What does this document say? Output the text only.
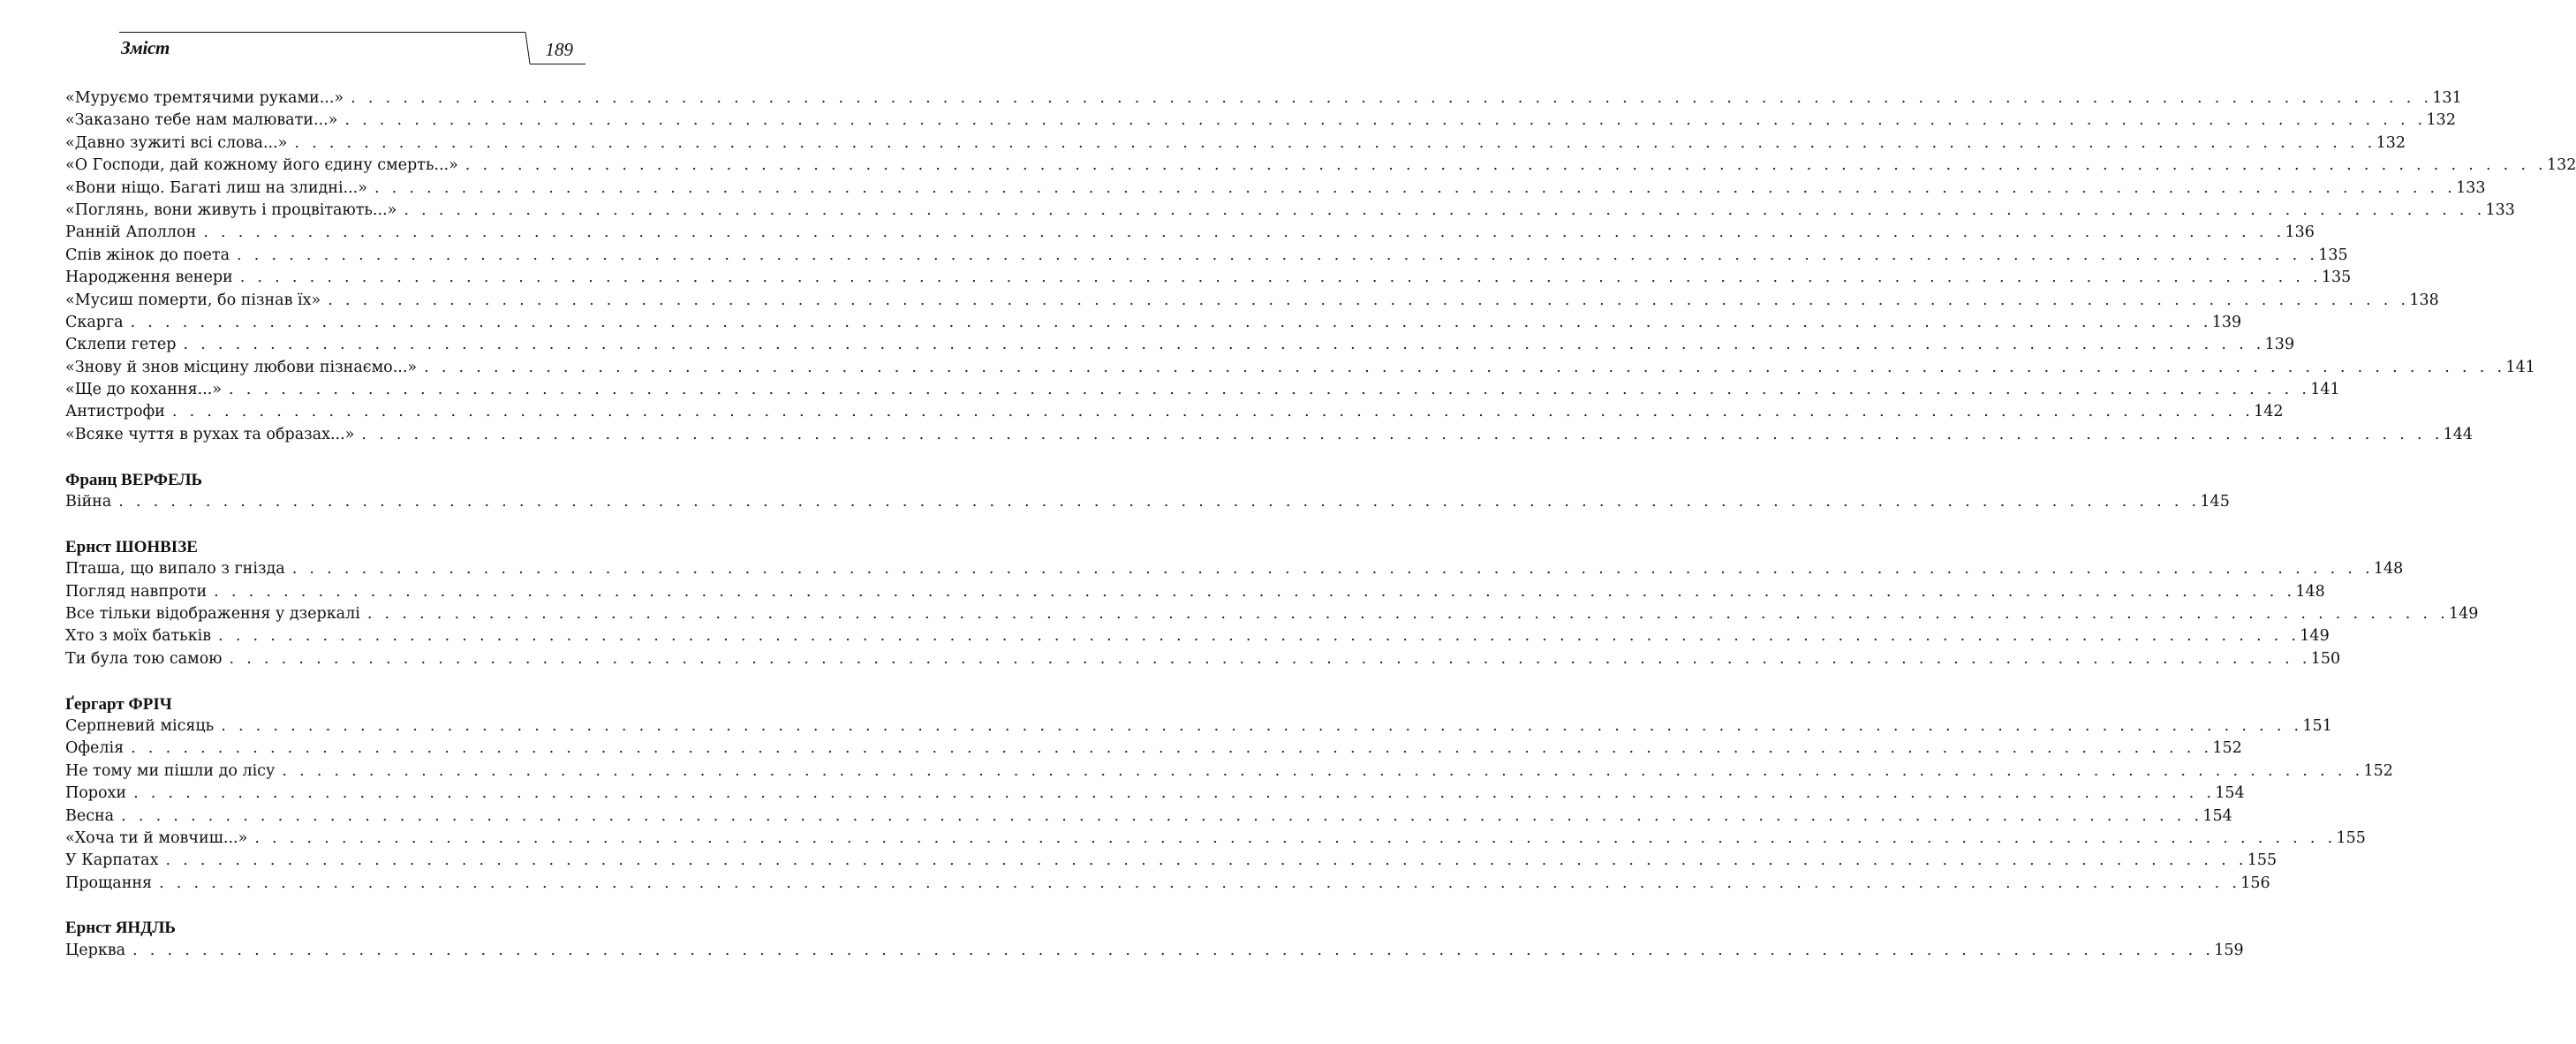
Зміст	189
«Муруємо тремтячими руками...» . . . . . . . . . . . . . . . . . . . . . . . . . . . . . . . . . . . . . . . . . . . . . . . . . . . . . . . . . . . . . . . . . . . . . . . . . . . . . . . . . . . . . . . . . . . . . . . . . . . . . . . . . . . . . . . . . . . . . . . . 131
«Заказано тебе нам малювати...» . . . . . . . . . . . . . . . . . . . . . . . . . . . . . . . . . . . . . . . . . . . . . . . . . . . . . . . . . . . . . . . . . . . . . . . . . . . . . . . . . . . . . . . . . . . . . . . . . . . . . . . . . . . . . . . . . . . . . . . . 132
«Давно зужиті всі слова...» . . . . . . . . . . . . . . . . . . . . . . . . . . . . . . . . . . . . . . . . . . . . . . . . . . . . . . . . . . . . . . . . . . . . . . . . . . . . . . . . . . . . . . . . . . . . . . . . . . . . . . . . . . . . . . . . . . . . . . . . 132
«О Господи, дай кожному його єдину смерть...» . . . . . . . . . . . . . . . . . . . . . . . . . . . . . . . . . . . . . . . . . . . . . . . . . . . . . . . . . . . . . . . . . . . . . . . . . . . . . . . . . . . . . . . . . . . . . . . . . . . . . . . . . . . . . . . . . . . . . . . . 132
«Вони ніщо. Багаті лиш на злидні...» . . . . . . . . . . . . . . . . . . . . . . . . . . . . . . . . . . . . . . . . . . . . . . . . . . . . . . . . . . . . . . . . . . . . . . . . . . . . . . . . . . . . . . . . . . . . . . . . . . . . . . . . . . . . . . . . . . . . . . . . 133
«Поглянь, вони живуть і процвітають...» . . . . . . . . . . . . . . . . . . . . . . . . . . . . . . . . . . . . . . . . . . . . . . . . . . . . . . . . . . . . . . . . . . . . . . . . . . . . . . . . . . . . . . . . . . . . . . . . . . . . . . . . . . . . . . . . . . . . . . . . 133
Ранній Аполлон . . . . . . . . . . . . . . . . . . . . . . . . . . . . . . . . . . . . . . . . . . . . . . . . . . . . . . . . . . . . . . . . . . . . . . . . . . . . . . . . . . . . . . . . . . . . . . . . . . . . . . . . . . . . . . . . . . . . . . . . 136
Спів жінок до поета . . . . . . . . . . . . . . . . . . . . . . . . . . . . . . . . . . . . . . . . . . . . . . . . . . . . . . . . . . . . . . . . . . . . . . . . . . . . . . . . . . . . . . . . . . . . . . . . . . . . . . . . . . . . . . . . . . . . . . . . 135
Народження венери . . . . . . . . . . . . . . . . . . . . . . . . . . . . . . . . . . . . . . . . . . . . . . . . . . . . . . . . . . . . . . . . . . . . . . . . . . . . . . . . . . . . . . . . . . . . . . . . . . . . . . . . . . . . . . . . . . . . . . . . 135
«Мусиш померти, бо пізнав їх» . . . . . . . . . . . . . . . . . . . . . . . . . . . . . . . . . . . . . . . . . . . . . . . . . . . . . . . . . . . . . . . . . . . . . . . . . . . . . . . . . . . . . . . . . . . . . . . . . . . . . . . . . . . . . . . . . . . . . . . . 138
Скарга . . . . . . . . . . . . . . . . . . . . . . . . . . . . . . . . . . . . . . . . . . . . . . . . . . . . . . . . . . . . . . . . . . . . . . . . . . . . . . . . . . . . . . . . . . . . . . . . . . . . . . . . . . . . . . . . . . . . . . . . 139
Склепи гетер . . . . . . . . . . . . . . . . . . . . . . . . . . . . . . . . . . . . . . . . . . . . . . . . . . . . . . . . . . . . . . . . . . . . . . . . . . . . . . . . . . . . . . . . . . . . . . . . . . . . . . . . . . . . . . . . . . . . . . . . 139
«Знову й знов місцину любови пізнаємо...» . . . . . . . . . . . . . . . . . . . . . . . . . . . . . . . . . . . . . . . . . . . . . . . . . . . . . . . . . . . . . . . . . . . . . . . . . . . . . . . . . . . . . . . . . . . . . . . . . . . . . . . . . . . . . . . . . . . . . . . . 141
«Ще до кохання...» . . . . . . . . . . . . . . . . . . . . . . . . . . . . . . . . . . . . . . . . . . . . . . . . . . . . . . . . . . . . . . . . . . . . . . . . . . . . . . . . . . . . . . . . . . . . . . . . . . . . . . . . . . . . . . . . . . . . . . . . 141
Антистрофи . . . . . . . . . . . . . . . . . . . . . . . . . . . . . . . . . . . . . . . . . . . . . . . . . . . . . . . . . . . . . . . . . . . . . . . . . . . . . . . . . . . . . . . . . . . . . . . . . . . . . . . . . . . . . . . . . . . . . . . . 142
«Всяке чуття в рухах та образах...» . . . . . . . . . . . . . . . . . . . . . . . . . . . . . . . . . . . . . . . . . . . . . . . . . . . . . . . . . . . . . . . . . . . . . . . . . . . . . . . . . . . . . . . . . . . . . . . . . . . . . . . . . . . . . . . . . . . . . . . . 144
Франц ВЕРФЕЛЬ
Війна . . . . . . . . . . . . . . . . . . . . . . . . . . . . . . . . . . . . . . . . . . . . . . . . . . . . . . . . . . . . . . . . . . . . . . . . . . . . . . . . . . . . . . . . . . . . . . . . . . . . . . . . . . . . . . . . . . . . . . . . 145
Ернст ШОНВІЗЕ
Пташа, що випало з гнізда . . . . . . . . . . . . . . . . . . . . . . . . . . . . . . . . . . . . . . . . . . . . . . . . . . . . . . . . . . . . . . . . . . . . . . . . . . . . . . . . . . . . . . . . . . . . . . . . . . . . . . . . . . . . . . . . . . . . . . . . 148
Погляд навпроти . . . . . . . . . . . . . . . . . . . . . . . . . . . . . . . . . . . . . . . . . . . . . . . . . . . . . . . . . . . . . . . . . . . . . . . . . . . . . . . . . . . . . . . . . . . . . . . . . . . . . . . . . . . . . . . . . . . . . . . . 148
Все тільки відображення у дзеркалі . . . . . . . . . . . . . . . . . . . . . . . . . . . . . . . . . . . . . . . . . . . . . . . . . . . . . . . . . . . . . . . . . . . . . . . . . . . . . . . . . . . . . . . . . . . . . . . . . . . . . . . . . . . . . . . . . . . . . . . . 149
Хто з моїх батьків . . . . . . . . . . . . . . . . . . . . . . . . . . . . . . . . . . . . . . . . . . . . . . . . . . . . . . . . . . . . . . . . . . . . . . . . . . . . . . . . . . . . . . . . . . . . . . . . . . . . . . . . . . . . . . . . . . . . . . . . 149
Ти була тою самою . . . . . . . . . . . . . . . . . . . . . . . . . . . . . . . . . . . . . . . . . . . . . . . . . . . . . . . . . . . . . . . . . . . . . . . . . . . . . . . . . . . . . . . . . . . . . . . . . . . . . . . . . . . . . . . . . . . . . . . . 150
Ґергарт ФРІЧ
Серпневий місяць . . . . . . . . . . . . . . . . . . . . . . . . . . . . . . . . . . . . . . . . . . . . . . . . . . . . . . . . . . . . . . . . . . . . . . . . . . . . . . . . . . . . . . . . . . . . . . . . . . . . . . . . . . . . . . . . . . . . . . . . 151
Офелія . . . . . . . . . . . . . . . . . . . . . . . . . . . . . . . . . . . . . . . . . . . . . . . . . . . . . . . . . . . . . . . . . . . . . . . . . . . . . . . . . . . . . . . . . . . . . . . . . . . . . . . . . . . . . . . . . . . . . . . . 152
Не тому ми пішли до лісу . . . . . . . . . . . . . . . . . . . . . . . . . . . . . . . . . . . . . . . . . . . . . . . . . . . . . . . . . . . . . . . . . . . . . . . . . . . . . . . . . . . . . . . . . . . . . . . . . . . . . . . . . . . . . . . . . . . . . . . . 152
Порохи . . . . . . . . . . . . . . . . . . . . . . . . . . . . . . . . . . . . . . . . . . . . . . . . . . . . . . . . . . . . . . . . . . . . . . . . . . . . . . . . . . . . . . . . . . . . . . . . . . . . . . . . . . . . . . . . . . . . . . . . 154
Весна . . . . . . . . . . . . . . . . . . . . . . . . . . . . . . . . . . . . . . . . . . . . . . . . . . . . . . . . . . . . . . . . . . . . . . . . . . . . . . . . . . . . . . . . . . . . . . . . . . . . . . . . . . . . . . . . . . . . . . . . 154
«Хоча ти й мовчиш...» . . . . . . . . . . . . . . . . . . . . . . . . . . . . . . . . . . . . . . . . . . . . . . . . . . . . . . . . . . . . . . . . . . . . . . . . . . . . . . . . . . . . . . . . . . . . . . . . . . . . . . . . . . . . . . . . . . . . . . . . 155
У Карпатах . . . . . . . . . . . . . . . . . . . . . . . . . . . . . . . . . . . . . . . . . . . . . . . . . . . . . . . . . . . . . . . . . . . . . . . . . . . . . . . . . . . . . . . . . . . . . . . . . . . . . . . . . . . . . . . . . . . . . . . . 155
Прощання . . . . . . . . . . . . . . . . . . . . . . . . . . . . . . . . . . . . . . . . . . . . . . . . . . . . . . . . . . . . . . . . . . . . . . . . . . . . . . . . . . . . . . . . . . . . . . . . . . . . . . . . . . . . . . . . . . . . . . . . 156
Ернст ЯНДЛЬ
Церква . . . . . . . . . . . . . . . . . . . . . . . . . . . . . . . . . . . . . . . . . . . . . . . . . . . . . . . . . . . . . . . . . . . . . . . . . . . . . . . . . . . . . . . . . . . . . . . . . . . . . . . . . . . . . . . . . . . . . . . . 159
